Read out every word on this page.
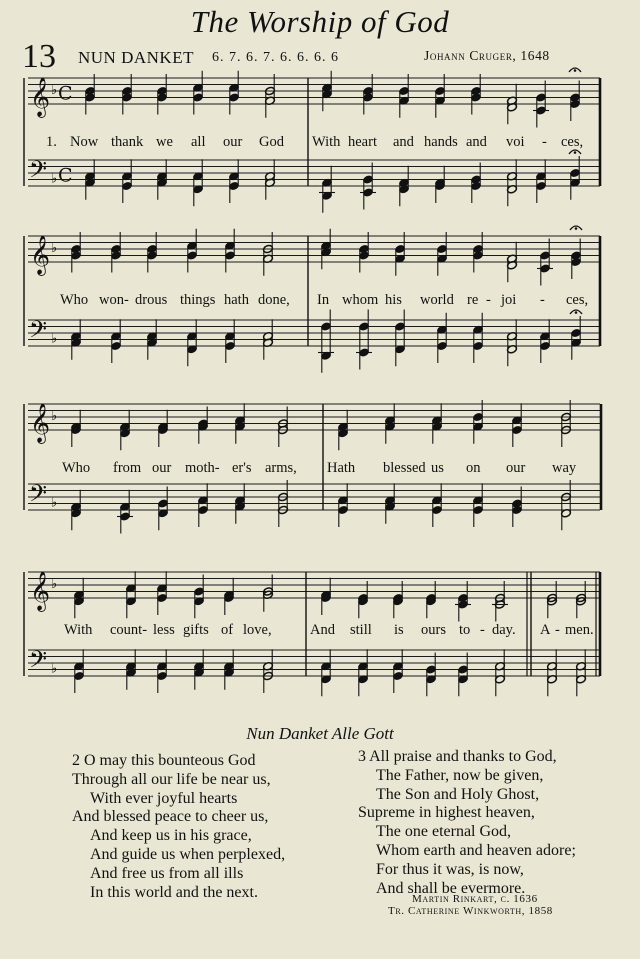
The Worship of God
13 NUN DANKET 6. 7. 6. 7. 6. 6. 6. 6	Johann Cruger, 1648
𝄞
𝄢
♭
♭
C
C
𝄞
𝄢
♭
♭
𝄞
𝄢
♭
♭
𝄞
𝄢
♭
♭
1. Now thank we all our God With heart and hands and voi - ces,
Who won- drous things hath done, In whom his world re - joi - ces,
Who from our moth- er's arms, Hath blessed us on our way
With count- less gifts of love,	And still is ours to - day. A - men.
Nun Danket Alle Gott
2 O may this bounteous God
Through all our life be near us,
With ever joyful hearts
And blessed peace to cheer us,
And keep us in his grace,
And guide us when perplexed,
And free us from all ills
In this world and the next.
3 All praise and thanks to God,
The Father, now be given,
The Son and Holy Ghost,
Supreme in highest heaven,
The one eternal God,
Whom earth and heaven adore;
For thus it was, is now,
And shall be evermore.
Martin Rinkart, c. 1636
Tr. Catherine Winkworth, 1858
